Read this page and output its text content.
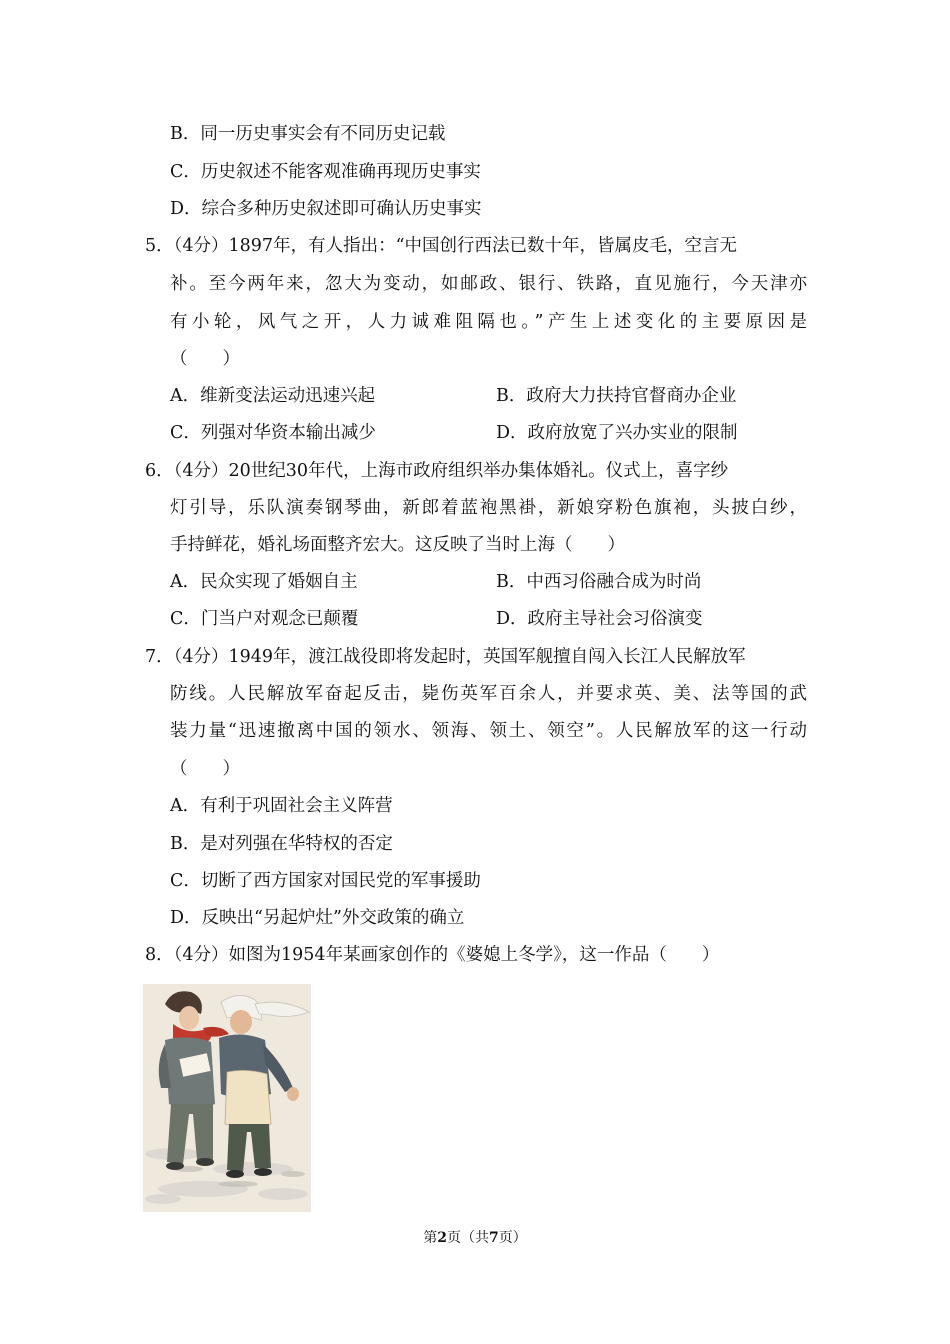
B．同一历史事实会有不同历史记载
C．历史叙述不能客观准确再现历史事实
D．综合多种历史叙述即可确认历史事实
5．（4分）1897年，有人指出：“中国创行西法已数十年，皆属皮毛，空言无
补。至今两年来，忽大为变动，如邮政、银行、铁路，直见施行，今天津亦
有小轮，风气之开，人力诚难阻隔也。”产生上述变化的主要原因是
（　　）
A．维新变法运动迅速兴起	B．政府大力扶持官督商办企业
C．列强对华资本输出减少	D．政府放宽了兴办实业的限制
6．（4分）20世纪30年代，上海市政府组织举办集体婚礼。仪式上，喜字纱
灯引导，乐队演奏钢琴曲，新郎着蓝袍黑褂，新娘穿粉色旗袍，头披白纱，
手持鲜花，婚礼场面整齐宏大。这反映了当时上海（　　）
A．民众实现了婚姻自主	B．中西习俗融合成为时尚
C．门当户对观念已颠覆	D．政府主导社会习俗演变
7．（4分）1949年，渡江战役即将发起时，英国军舰擅自闯入长江人民解放军
防线。人民解放军奋起反击，毙伤英军百余人，并要求英、美、法等国的武
装力量“迅速撤离中国的领水、领海、领土、领空”。人民解放军的这一行动
（　　）
A．有利于巩固社会主义阵营
B．是对列强在华特权的否定
C．切断了西方国家对国民党的军事援助
D．反映出“另起炉灶”外交政策的确立
8．（4分）如图为1954年某画家创作的《婆媳上冬学》，这一作品（　　）
第2页（共7页）
